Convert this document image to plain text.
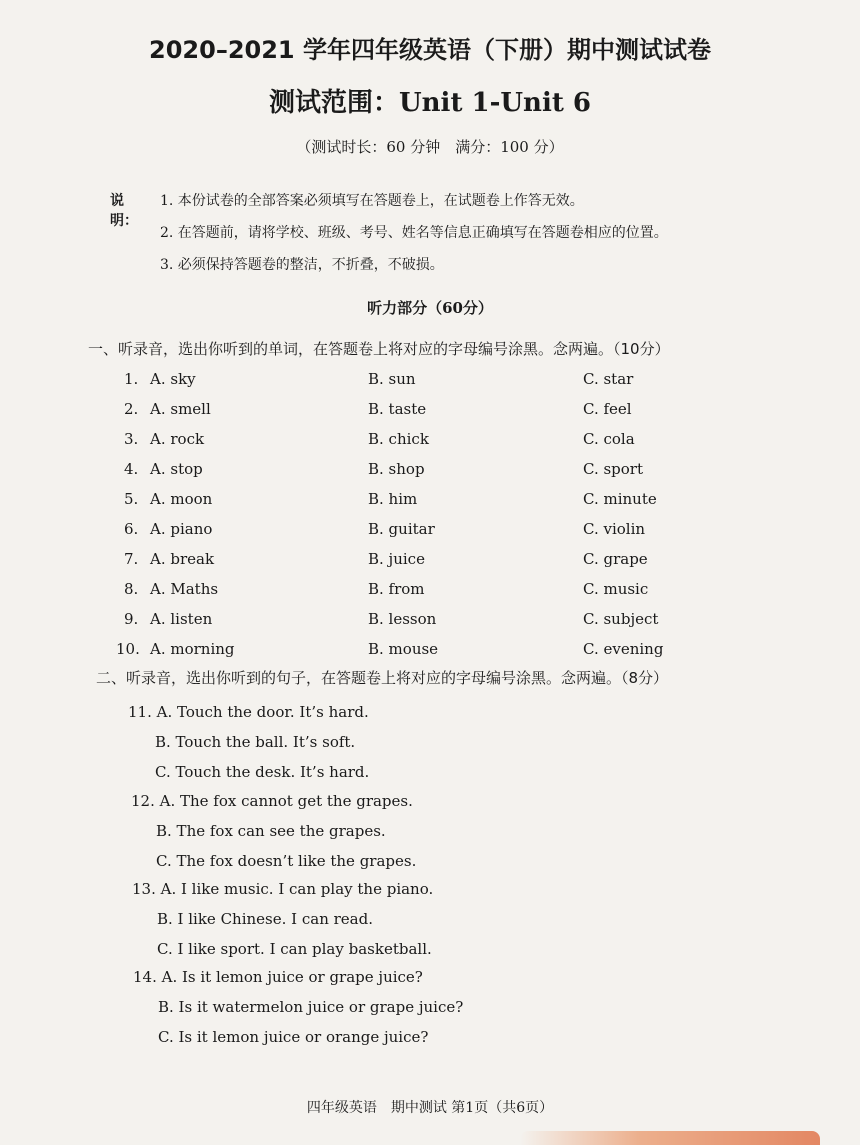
2020–2021 学年四年级英语（下册）期中测试试卷
测试范围：Unit 1-Unit 6
（测试时长：60 分钟　满分：100 分）
说明：
1. 本份试卷的全部答案必须填写在答题卷上，在试题卷上作答无效。
2. 在答题前，请将学校、班级、考号、姓名等信息正确填写在答题卷相应的位置。
3. 必须保持答题卷的整洁，不折叠，不破损。
听力部分（60分）
一、听录音，选出你听到的单词，在答题卷上将对应的字母编号涂黑。念两遍。（10分）
1. A. sky	B. sun	C. star
2. A. smell	B. taste	C. feel
3. A. rock	B. chick	C. cola
4. A. stop	B. shop	C. sport
5. A. moon	B. him	C. minute
6. A. piano	B. guitar	C. violin
7. A. break	B. juice	C. grape
8. A. Maths	B. from	C. music
9. A. listen	B. lesson	C. subject
10. A. morning	B. mouse	C. evening
二、听录音，选出你听到的句子，在答题卷上将对应的字母编号涂黑。念两遍。（8分）
11. A. Touch the door. It’s hard.
B. Touch the ball. It’s soft.
C. Touch the desk. It’s hard.
12. A. The fox cannot get the grapes.
B. The fox can see the grapes.
C. The fox doesn’t like the grapes.
13. A. I like music. I can play the piano.
B. I like Chinese. I can read.
C. I like sport. I can play basketball.
14. A. Is it lemon juice or grape juice?
B. Is it watermelon juice or grape juice?
C. Is it lemon juice or orange juice?
四年级英语　期中测试 第1页（共6页）
